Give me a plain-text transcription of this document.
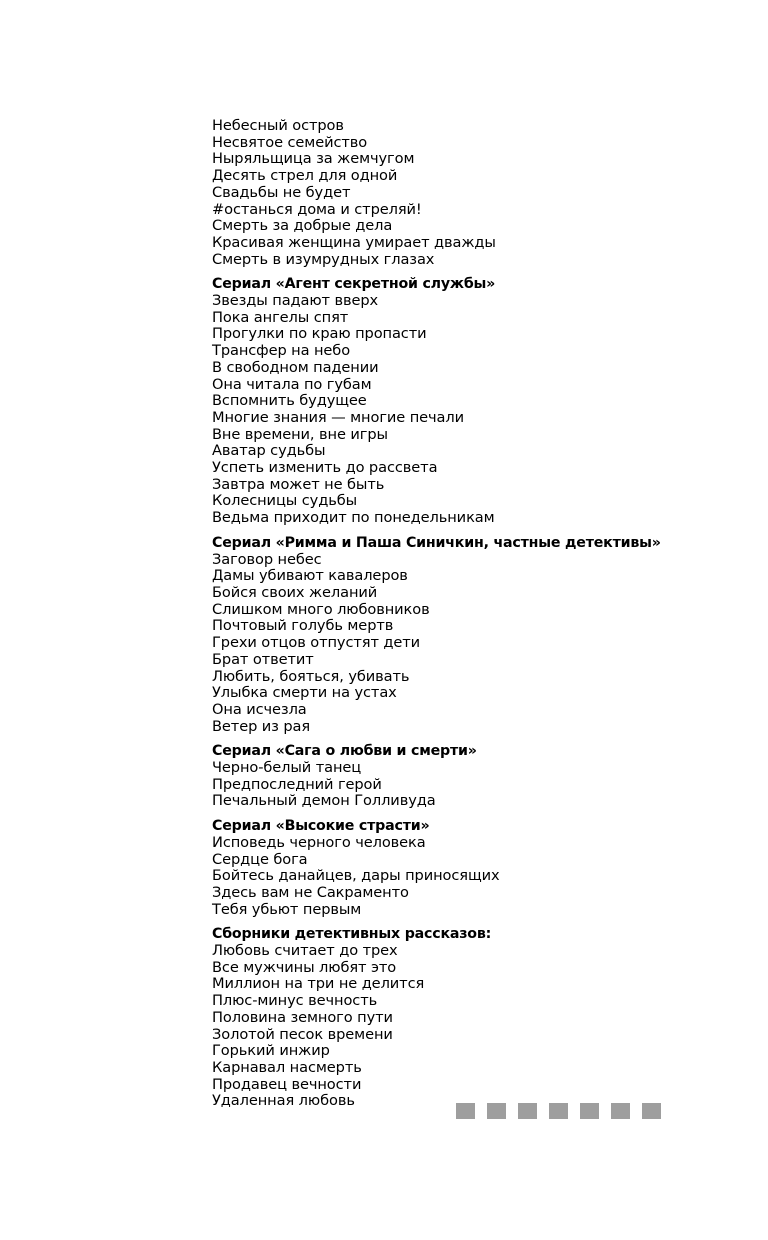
Небесный остров
Несвятое семейство
Ныряльщица за жемчугом
Десять стрел для одной
Свадьбы не будет
#останься дома и стреляй!
Смерть за добрые дела
Красивая женщина умирает дважды
Смерть в изумрудных глазах
Сериал «Агент секретной службы»
Звезды падают вверх
Пока ангелы спят
Прогулки по краю пропасти
Трансфер на небо
В свободном падении
Она читала по губам
Вспомнить будущее
Многие знания — многие печали
Вне времени, вне игры
Аватар судьбы
Успеть изменить до рассвета
Завтра может не быть
Колесницы судьбы
Ведьма приходит по понедельникам
Сериал «Римма и Паша Синичкин, частные детективы»
Заговор небес
Дамы убивают кавалеров
Бойся своих желаний
Слишком много любовников
Почтовый голубь мертв
Грехи отцов отпустят дети
Брат ответит
Любить, бояться, убивать
Улыбка смерти на устах
Она исчезла
Ветер из рая
Сериал «Сага о любви и смерти»
Черно-белый танец
Предпоследний герой
Печальный демон Голливуда
Сериал «Высокие страсти»
Исповедь черного человека
Сердце бога
Бойтесь данайцев, дары приносящих
Здесь вам не Сакраменто
Тебя убьют первым
Сборники детективных рассказов:
Любовь считает до трех
Все мужчины любят это
Миллион на три не делится
Плюс-минус вечность
Половина земного пути
Золотой песок времени
Горький инжир
Карнавал насмерть
Продавец вечности
Удаленная любовь
